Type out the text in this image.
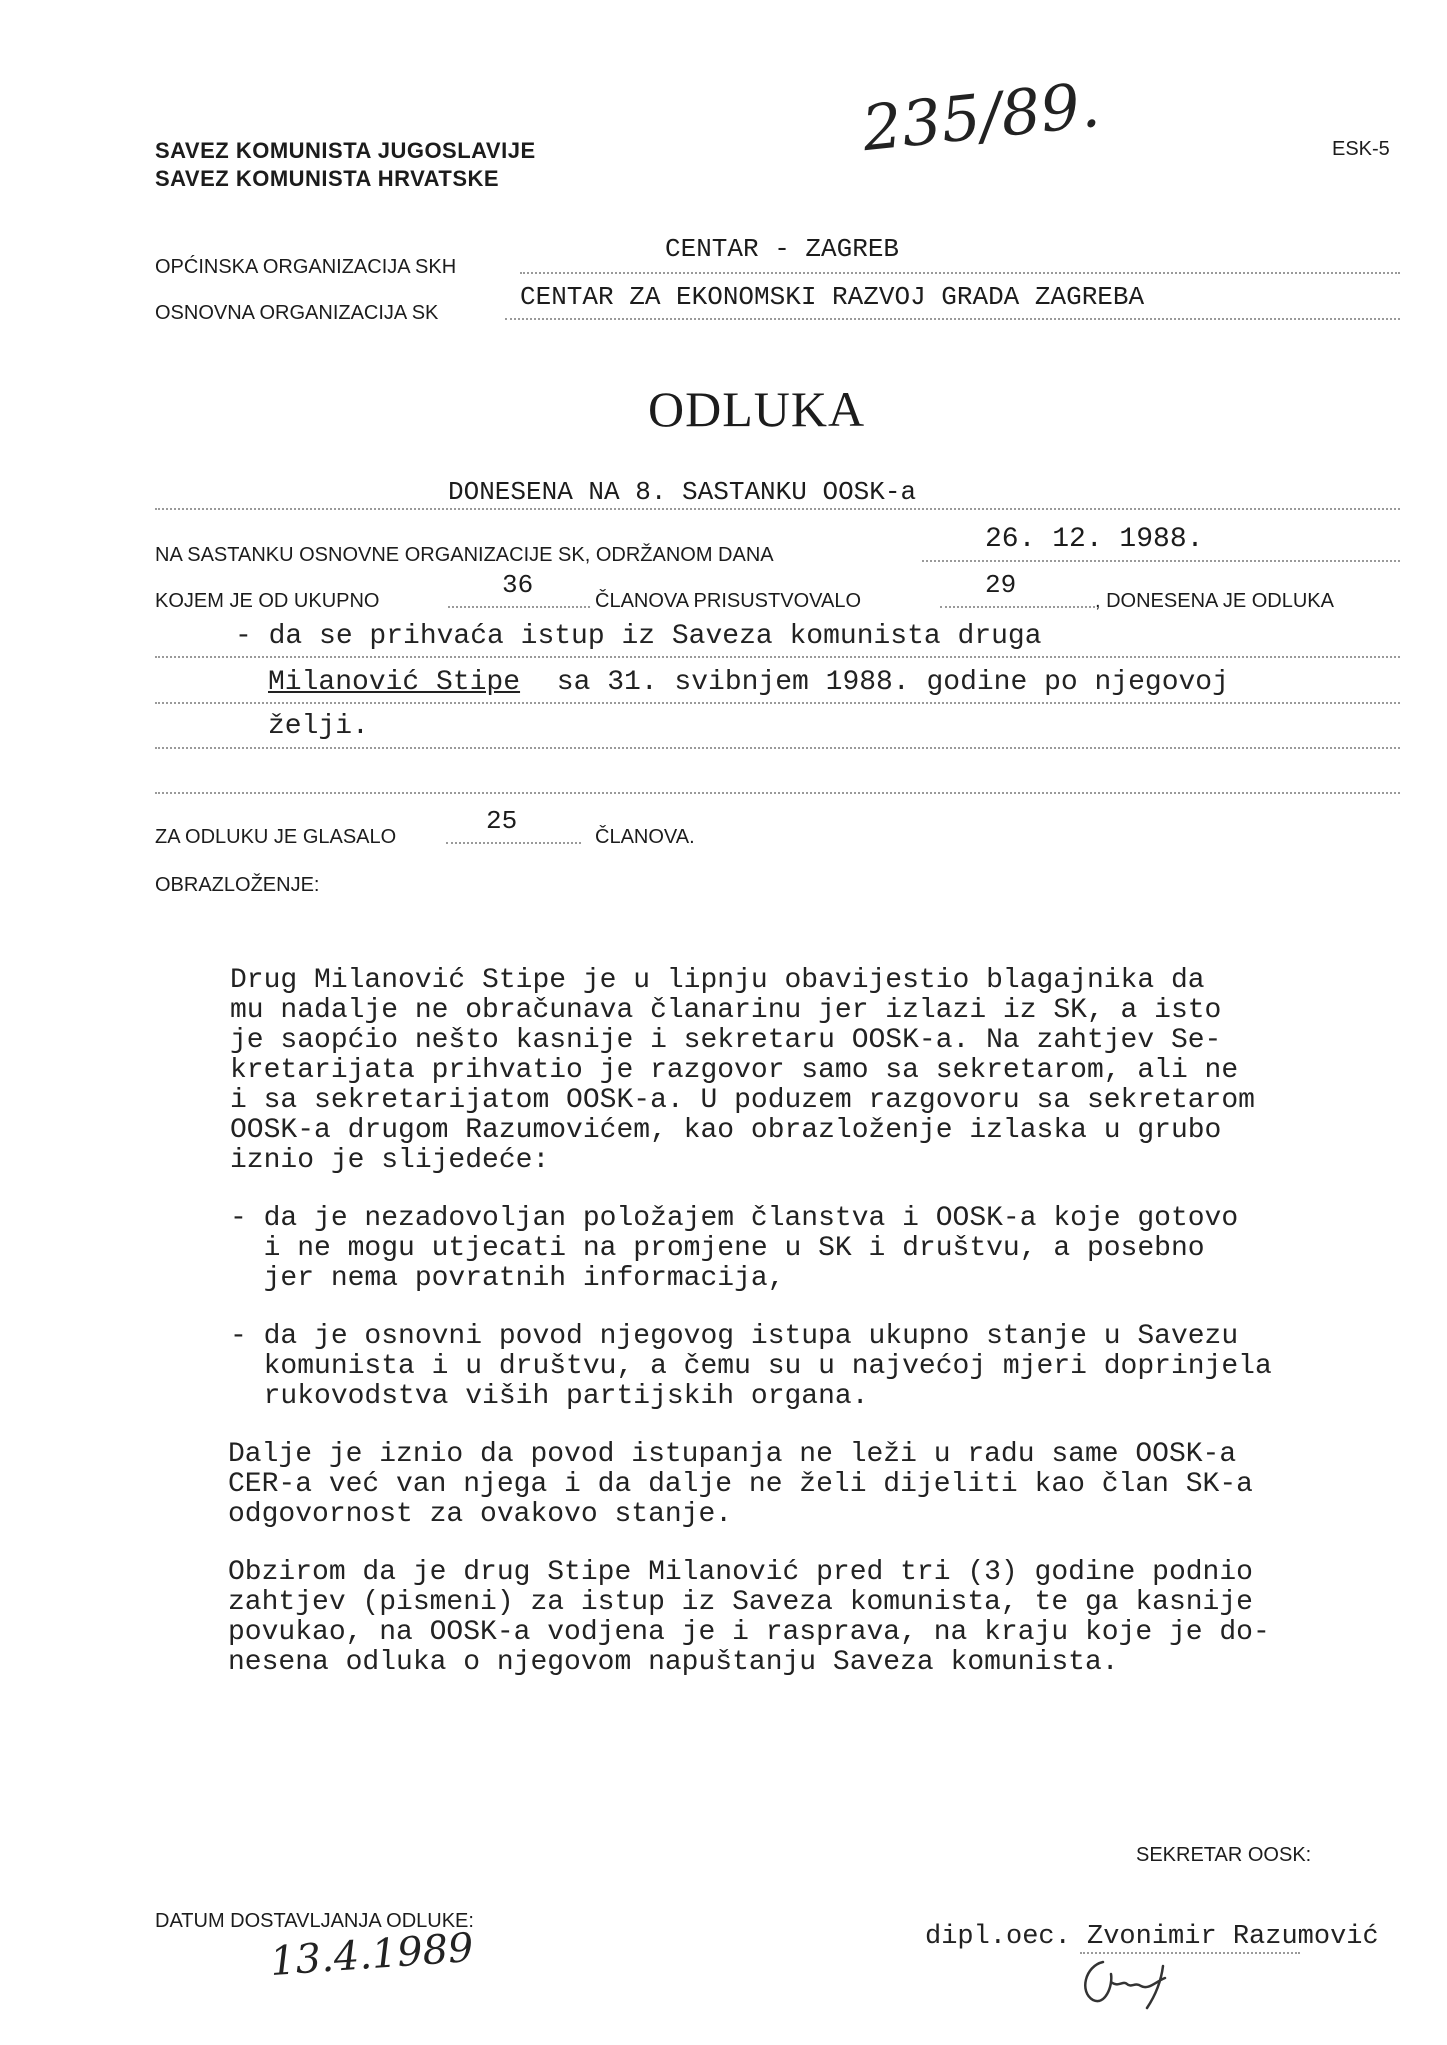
SAVEZ KOMUNISTA JUGOSLAVIJE
SAVEZ KOMUNISTA HRVATSKE
235/89.	ESK-5
OPĆINSKA ORGANIZACIJA SKH
CENTAR - ZAGREB
OSNOVNA ORGANIZACIJA SK
CENTAR ZA EKONOMSKI RAZVOJ GRADA ZAGREBA
ODLUKA
DONESENA NA 8. SASTANKU OOSK-a
NA SASTANKU OSNOVNE ORGANIZACIJE SK, ODRŽANOM DANA	26. 12. 1988.
KOJEM JE OD UKUPNO
36
ČLANOVA PRISUSTVOVALO
29
, DONESENA JE ODLUKA
- da se prihvaća istup iz Saveza komunista druga
Milanović Stipe sa 31. svibnjem 1988. godine po njegovoj
želji.
ZA ODLUKU JE GLASALO
25
ČLANOVA.
OBRAZLOŽENJE:
Drug Milanović Stipe je u lipnju obavijestio blagajnika da
mu nadalje ne obračunava članarinu jer izlazi iz SK, a isto
je saopćio nešto kasnije i sekretaru OOSK-a. Na zahtjev Se-
kretarijata prihvatio je razgovor samo sa sekretarom, ali ne
i sa sekretarijatom OOSK-a. U poduzem razgovoru sa sekretarom
OOSK-a drugom Razumovićem, kao obrazloženje izlaska u grubo
iznio je slijedeće:
- da je nezadovoljan položajem članstva i OOSK-a koje gotovo
i ne mogu utjecati na promjene u SK i društvu, a posebno
jer nema povratnih informacija,
- da je osnovni povod njegovog istupa ukupno stanje u Savezu
komunista i u društvu, a čemu su u najvećoj mjeri doprinjela
rukovodstva viših partijskih organa.
Dalje je iznio da povod istupanja ne leži u radu same OOSK-a
CER-a već van njega i da dalje ne želi dijeliti kao član SK-a
odgovornost za ovakovo stanje.
Obzirom da je drug Stipe Milanović pred tri (3) godine podnio
zahtjev (pismeni) za istup iz Saveza komunista, te ga kasnije
povukao, na OOSK-a vodjena je i rasprava, na kraju koje je do-
nesena odluka o njegovom napuštanju Saveza komunista.
SEKRETAR OOSK:
DATUM DOSTAVLJANJA ODLUKE:
13.4.1989	dipl.oec. Zvonimir Razumović
